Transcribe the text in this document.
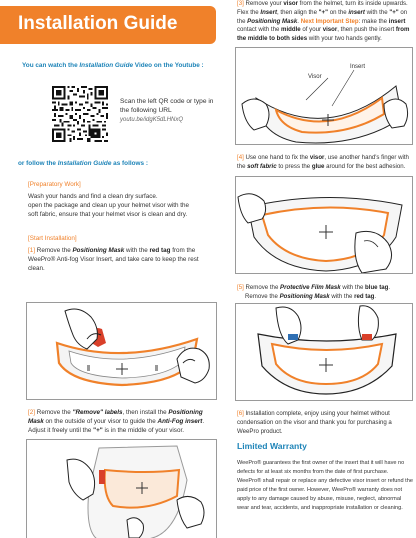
Installation Guide
You can watch the Installation Guide Video on the Youtube :
Scan the left QR code or type in the following URL
youtu.be/idgK5dLHNxQ
or follow the Installation Guide as follows :
[Preparatory Work]
Wash your hands and find a clean dry surface.
open the package and clean up your helmet visor with the
soft fabric, ensure that your helmet visor is clean and dry.
[Start Installation]
[1] Remove the Positioning Mask with the red tag from the
WeePro® Anti-fog Visor Insert, and take care to keep the rest
clean.
[2] Remove the "Remove" labels, then install the Positioning
Mask on the outside of your visor to guide the Anti-Fog insert.
Adjust it freely until the "+" is in the middle of your visor.
[3] Remove your visor from the helmet, turn its inside upwards.
Flex the Insert, then align the "+" on the insert with the "+" on
the Positioning Mask. Next Important Step: make the insert
contact with the middle of your visor, then push the insert from
the middle to both sides with your two hands gently.
Insert
Visor
[4] Use one hand to fix the visor, use another hand's finger with
the soft fabric to press the glue around for the best adhesion.
[5] Remove the Protective Film Mask with the blue tag.
Remove the Positioning Mask with the red tag.
[6] Installation complete, enjoy using your helmet without
condensation on the visor and thank you for purchasing a
WeePro product.
Limited Warranty
WeePro® guarantees the first owner of the insert that it will have no defects for at least six months from the date of first purchase. WeePro® shall repair or replace any defective visor insert or refund the paid price of the first owner. However, WeePro® warranty does not apply to any damage caused by abuse, misuse, neglect, abnormal wear and tear, accidents, and inappropriate installation or cleaning.
